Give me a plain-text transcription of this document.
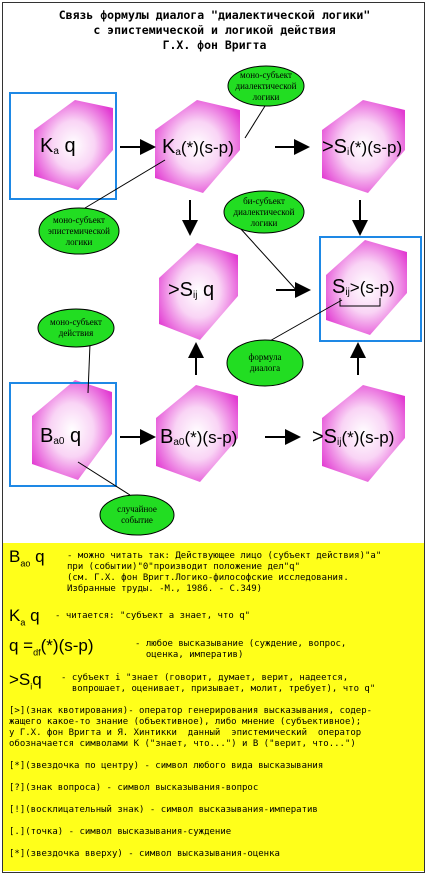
Связь формулы диалога "диалектической логики"
с эпистемической и логикой действия
Г.Х. фон Вригта
$K_a$ q	$K_a(*)(s-p)$	$>S_i(*)(s-p)$
$>S_{ij}$ q	$S_{ij}>(s-p)$
$B_{a0}$ q	$B_{a0}(*)(s-p)$	$>S_{ij}(*)(s-p)$
моно-субъект
диалектической
логики
моно-субъект
эпистемической
логики
би-субъект
диалектической
логики
моно-субъект
действия
формула
диалога
случайное
событие
$B_{ao}$ q - можно читать так: Действующее лицо (субъект действия)"a"
при (событии)"0"производит положение дел"q"
(см. Г.Х. фон Вригт.Логико-философские исследования.
Избранные труды. -М., 1986. - С.349)
$K_a$ q - читается: "субъект a знает, что q"
$q =_{df}(*)(s-p)$	- любое высказывание (суждение, вопрос,
оценка, императив)
$>S_iq$ - субъект i "знает (говорит, думает, верит, надеется,
вопрошает, оценивает, призывает, молит, требует), что q"
[>](знак квотирования)- оператор генерирования высказывания, содер-
жащего какое-то знание (объективное), либо мнение (субъективное);
у Г.Х. фон Вригта и Я. Хинтикки  данный  эпистемический  оператор
обозначается символами K ("знает, что...") и B ("верит, что...")
[*](звездочка по центру) - символ любого вида высказывания
[?](знак вопроса) - символ высказывания-вопрос
[!](восклицательный знак) - символ высказывания-императив
[.](точка) - символ высказывания-суждение
[*](звездочка вверху) - символ высказывания-оценка
